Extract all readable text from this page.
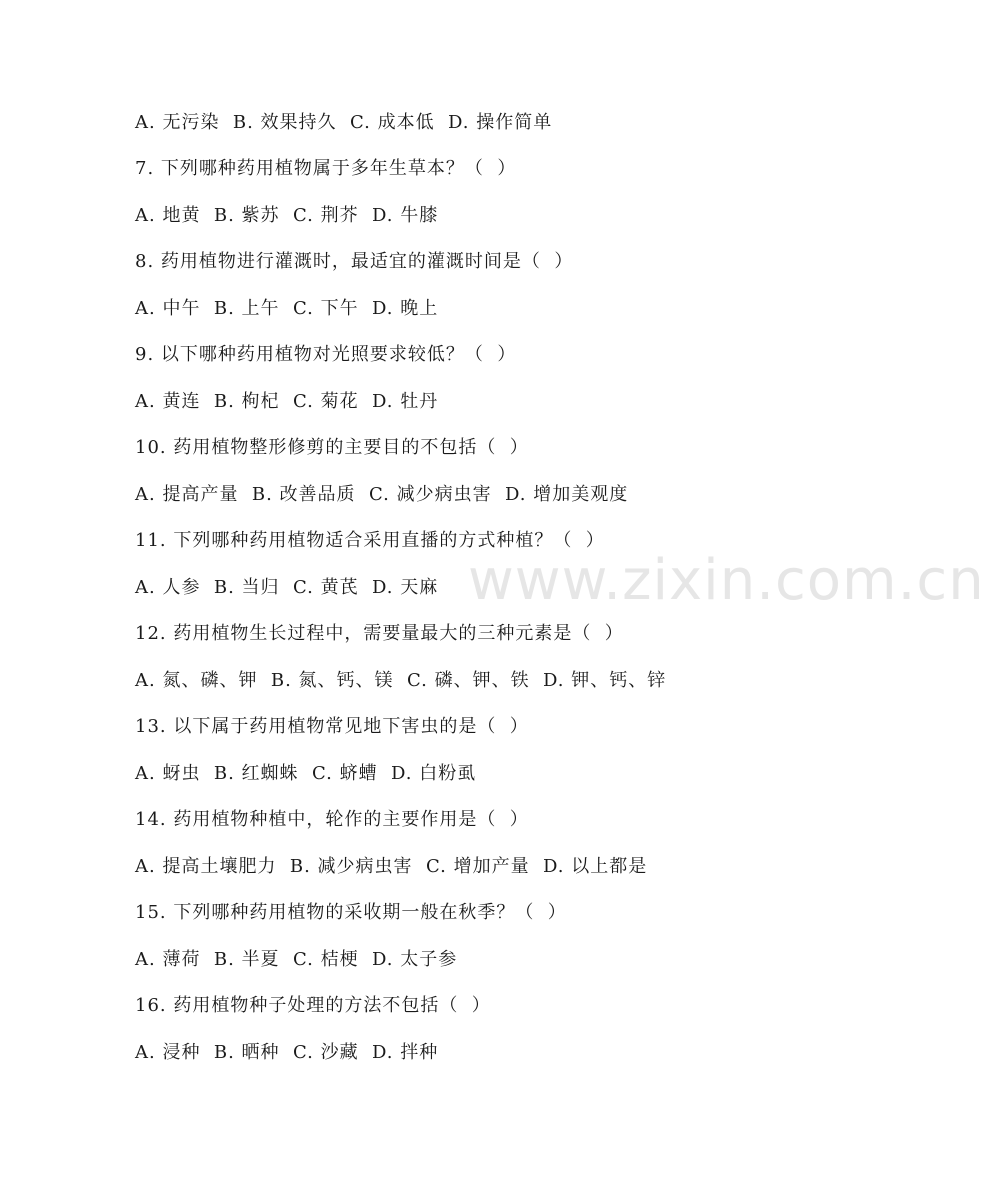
www.zixin.com.cn
A. 无污染  B. 效果持久  C. 成本低  D. 操作简单
7. 下列哪种药用植物属于多年生草本？（  ）
A. 地黄  B. 紫苏  C. 荆芥  D. 牛膝
8. 药用植物进行灌溉时，最适宜的灌溉时间是（  ）
A. 中午  B. 上午  C. 下午  D. 晚上
9. 以下哪种药用植物对光照要求较低？（  ）
A. 黄连  B. 枸杞  C. 菊花  D. 牡丹
10. 药用植物整形修剪的主要目的不包括（  ）
A. 提高产量  B. 改善品质  C. 减少病虫害  D. 增加美观度
11. 下列哪种药用植物适合采用直播的方式种植？（  ）
A. 人参  B. 当归  C. 黄芪  D. 天麻
12. 药用植物生长过程中，需要量最大的三种元素是（  ）
A. 氮、磷、钾  B. 氮、钙、镁  C. 磷、钾、铁  D. 钾、钙、锌
13. 以下属于药用植物常见地下害虫的是（  ）
A. 蚜虫  B. 红蜘蛛  C. 蛴螬  D. 白粉虱
14. 药用植物种植中，轮作的主要作用是（  ）
A. 提高土壤肥力  B. 减少病虫害  C. 增加产量  D. 以上都是
15. 下列哪种药用植物的采收期一般在秋季？（  ）
A. 薄荷  B. 半夏  C. 桔梗  D. 太子参
16. 药用植物种子处理的方法不包括（  ）
A. 浸种  B. 晒种  C. 沙藏  D. 拌种
